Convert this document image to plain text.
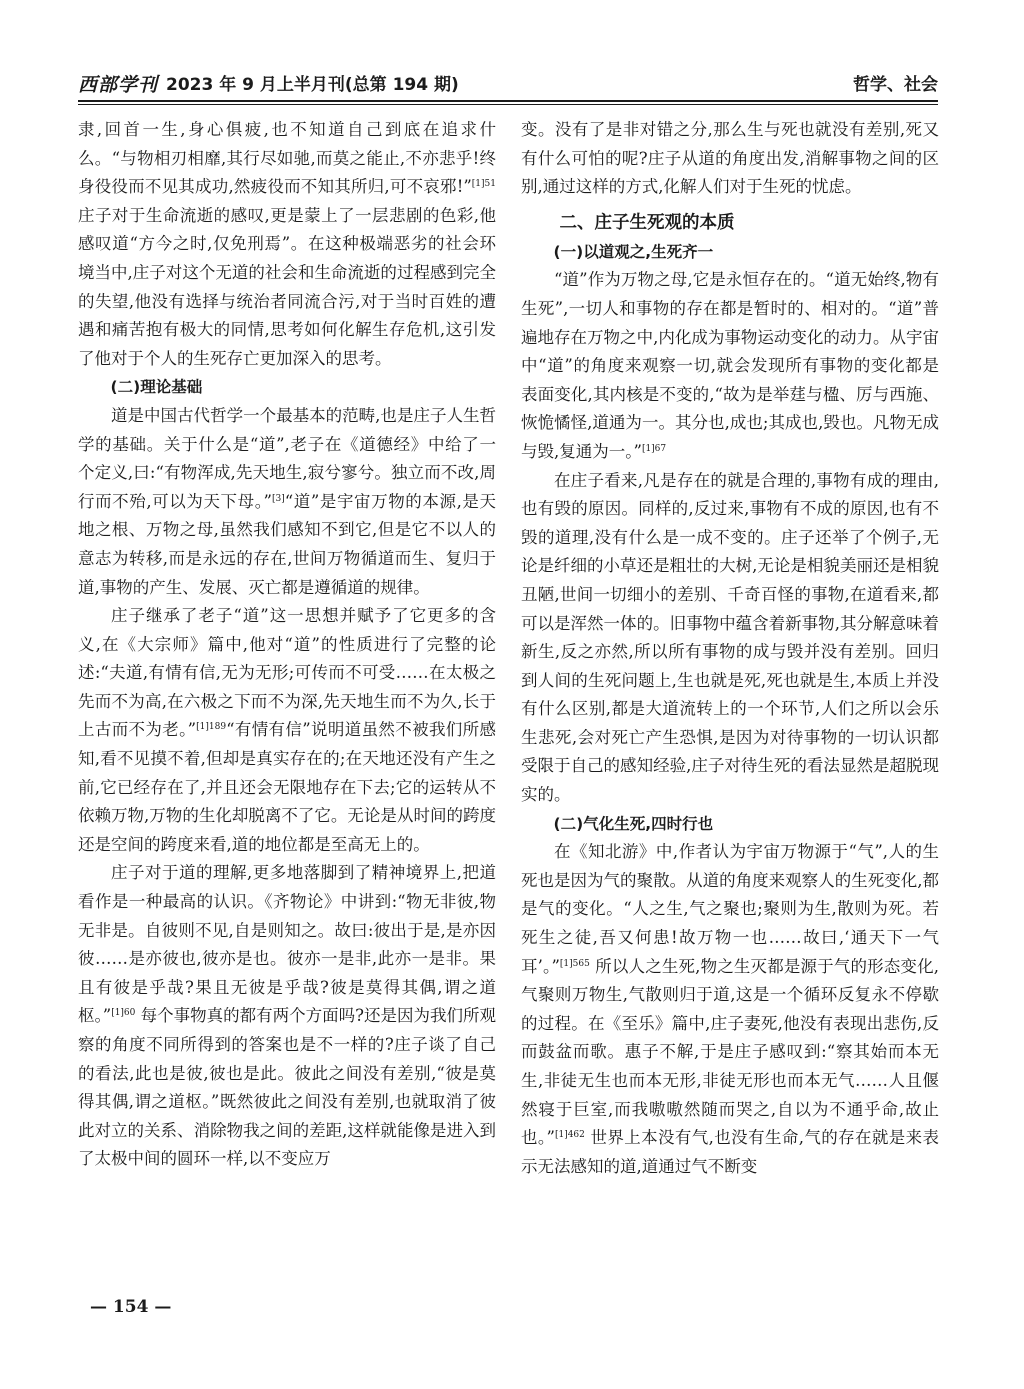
西部学刊 2023 年 9 月上半月刊(总第 194 期)	哲学、社会

隶,回首一生,身心俱疲,也不知道自己到底在追求什么。“与物相刃相靡,其行尽如驰,而莫之能止,不亦悲乎!终身役役而不见其成功,然疲役而不知其所归,可不哀邪!”$^{[1]51}$ 庄子对于生命流逝的感叹,更是蒙上了一层悲剧的色彩,他感叹道“方今之时,仅免刑焉”。在这种极端恶劣的社会环境当中,庄子对这个无道的社会和生命流逝的过程感到完全的失望,他没有选择与统治者同流合污,对于当时百姓的遭遇和痛苦抱有极大的同情,思考如何化解生存危机,这引发了他对于个人的生死存亡更加深入的思考。

(二)理论基础

道是中国古代哲学一个最基本的范畴,也是庄子人生哲学的基础。关于什么是“道”,老子在《道德经》中给了一个定义,曰:“有物浑成,先天地生,寂兮寥兮。独立而不改,周行而不殆,可以为天下母。”[3]“道”是宇宙万物的本源,是天地之根、万物之母,虽然我们感知不到它,但是它不以人的意志为转移,而是永远的存在,世间万物循道而生、复归于道,事物的产生、发展、灭亡都是遵循道的规律。

庄子继承了老子“道”这一思想并赋予了它更多的含义,在《大宗师》篇中,他对“道”的性质进行了完整的论述:“夫道,有情有信,无为无形;可传而不可受……在太极之先而不为高,在六极之下而不为深,先天地生而不为久,长于上古而不为老。”$^{[1]189}$“有情有信”说明道虽然不被我们所感知,看不见摸不着,但却是真实存在的;在天地还没有产生之前,它已经存在了,并且还会无限地存在下去;它的运转从不依赖万物,万物的生化却脱离不了它。无论是从时间的跨度还是空间的跨度来看,道的地位都是至高无上的。

庄子对于道的理解,更多地落脚到了精神境界上,把道看作是一种最高的认识。《齐物论》中讲到:“物无非彼,物无非是。自彼则不见,自是则知之。故曰:彼出于是,是亦因彼……是亦彼也,彼亦是也。彼亦一是非,此亦一是非。果且有彼是乎哉?果且无彼是乎哉?彼是莫得其偶,谓之道枢。”$^{[1]60}$ 每个事物真的都有两个方面吗?还是因为我们所观察的角度不同所得到的答案也是不一样的?庄子谈了自己的看法,此也是彼,彼也是此。彼此之间没有差别,“彼是莫得其偶,谓之道枢。”既然彼此之间没有差别,也就取消了彼此对立的关系、消除物我之间的差距,这样就能像是进入到了太极中间的圆环一样,以不变应万

变。没有了是非对错之分,那么生与死也就没有差别,死又有什么可怕的呢?庄子从道的角度出发,消解事物之间的区别,通过这样的方式,化解人们对于生死的忧虑。

二、庄子生死观的本质
(一)以道观之,生死齐一

“道”作为万物之母,它是永恒存在的。“道无始终,物有生死”,一切人和事物的存在都是暂时的、相对的。“道”普遍地存在万物之中,内化成为事物运动变化的动力。从宇宙中“道”的角度来观察一切,就会发现所有事物的变化都是表面变化,其内核是不变的,“故为是举莛与楹、厉与西施、恢恑憰怪,道通为一。其分也,成也;其成也,毁也。凡物无成与毁,复通为一。”$^{[1]67}$

在庄子看来,凡是存在的就是合理的,事物有成的理由,也有毁的原因。同样的,反过来,事物有不成的原因,也有不毁的道理,没有什么是一成不变的。庄子还举了个例子,无论是纤细的小草还是粗壮的大树,无论是相貌美丽还是相貌丑陋,世间一切细小的差别、千奇百怪的事物,在道看来,都可以是浑然一体的。旧事物中蕴含着新事物,其分解意味着新生,反之亦然,所以所有事物的成与毁并没有差别。回归到人间的生死问题上,生也就是死,死也就是生,本质上并没有什么区别,都是大道流转上的一个环节,人们之所以会乐生悲死,会对死亡产生恐惧,是因为对待事物的一切认识都受限于自己的感知经验,庄子对待生死的看法显然是超脱现实的。

(二)气化生死,四时行也

在《知北游》中,作者认为宇宙万物源于“气”,人的生死也是因为气的聚散。从道的角度来观察人的生死变化,都是气的变化。“人之生,气之聚也;聚则为生,散则为死。若死生之徒,吾又何患!故万物一也……故曰,‘通天下一气耳’。”$^{[1]565}$ 所以人之生死,物之生灭都是源于气的形态变化,气聚则万物生,气散则归于道,这是一个循环反复永不停歇的过程。在《至乐》篇中,庄子妻死,他没有表现出悲伤,反而鼓盆而歌。惠子不解,于是庄子感叹到:“察其始而本无生,非徒无生也而本无形,非徒无形也而本无气……人且偃然寝于巨室,而我嗷嗷然随而哭之,自以为不通乎命,故止也。”$^{[1]462}$ 世界上本没有气,也没有生命,气的存在就是来表示无法感知的道,道通过气不断变

— 154 —
